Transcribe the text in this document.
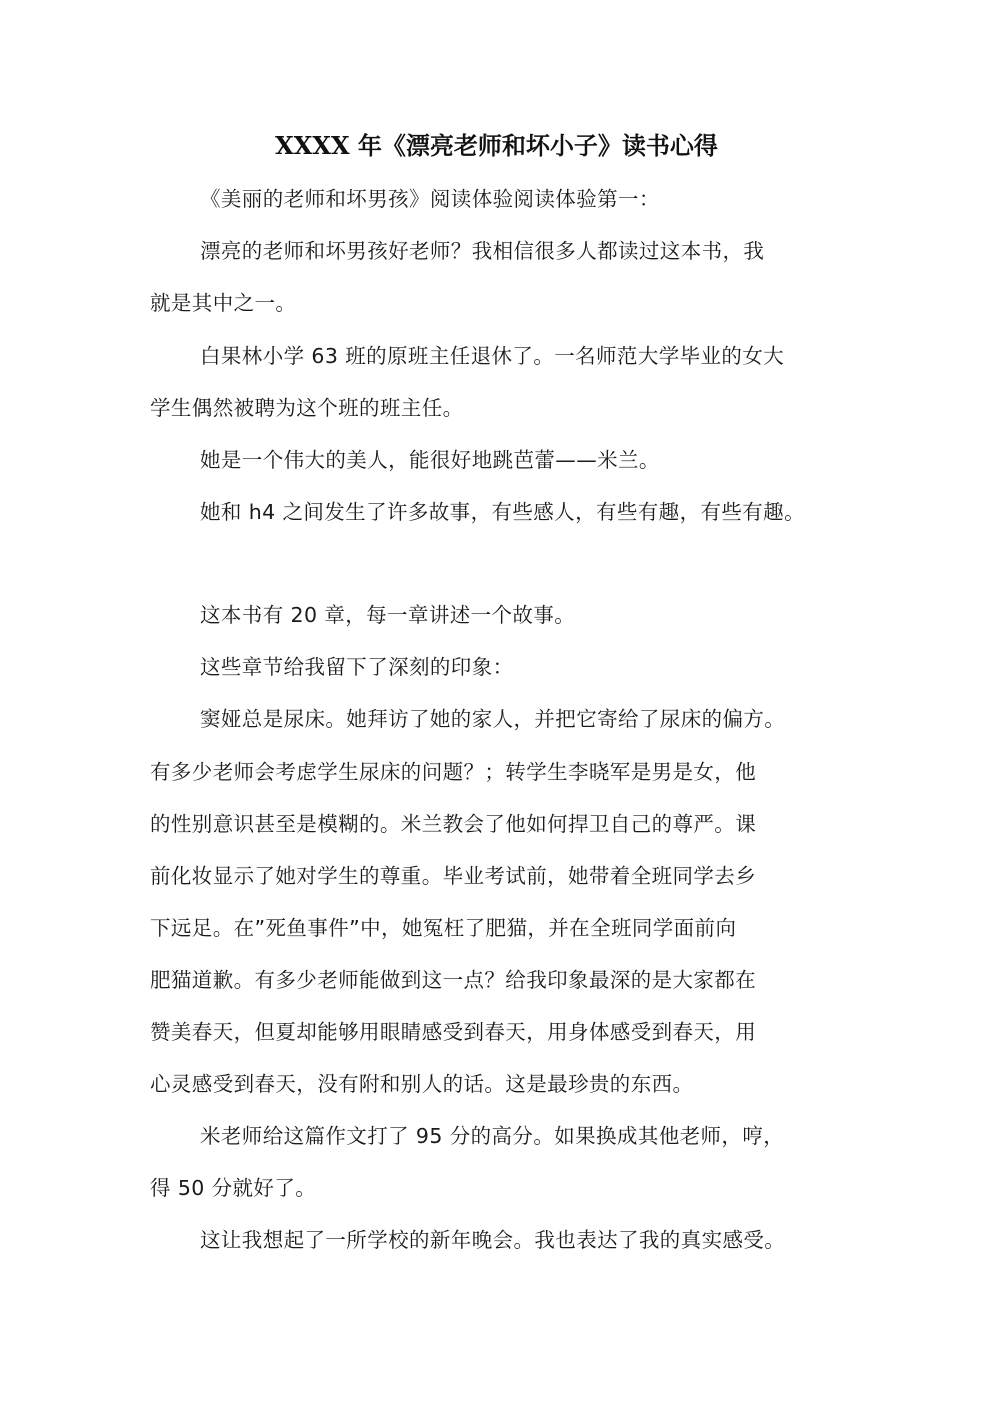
XXXX 年《漂亮老师和坏小子》读书心得
《美丽的老师和坏男孩》阅读体验阅读体验第一：
漂亮的老师和坏男孩好老师？我相信很多人都读过这本书，我
就是其中之一。
白果林小学 63 班的原班主任退休了。一名师范大学毕业的女大
学生偶然被聘为这个班的班主任。
她是一个伟大的美人，能很好地跳芭蕾——米兰。
她和 h4 之间发生了许多故事，有些感人，有些有趣，有些有趣。
这本书有 20 章，每一章讲述一个故事。
这些章节给我留下了深刻的印象：
窦娅总是尿床。她拜访了她的家人，并把它寄给了尿床的偏方。
有多少老师会考虑学生尿床的问题？；转学生李晓军是男是女，他
的性别意识甚至是模糊的。米兰教会了他如何捍卫自己的尊严。课
前化妆显示了她对学生的尊重。毕业考试前，她带着全班同学去乡
下远足。在”死鱼事件”中，她冤枉了肥猫，并在全班同学面前向
肥猫道歉。有多少老师能做到这一点？给我印象最深的是大家都在
赞美春天，但夏却能够用眼睛感受到春天，用身体感受到春天，用
心灵感受到春天，没有附和别人的话。这是最珍贵的东西。
米老师给这篇作文打了 95 分的高分。如果换成其他老师，哼，
得 50 分就好了。
这让我想起了一所学校的新年晚会。我也表达了我的真实感受。
